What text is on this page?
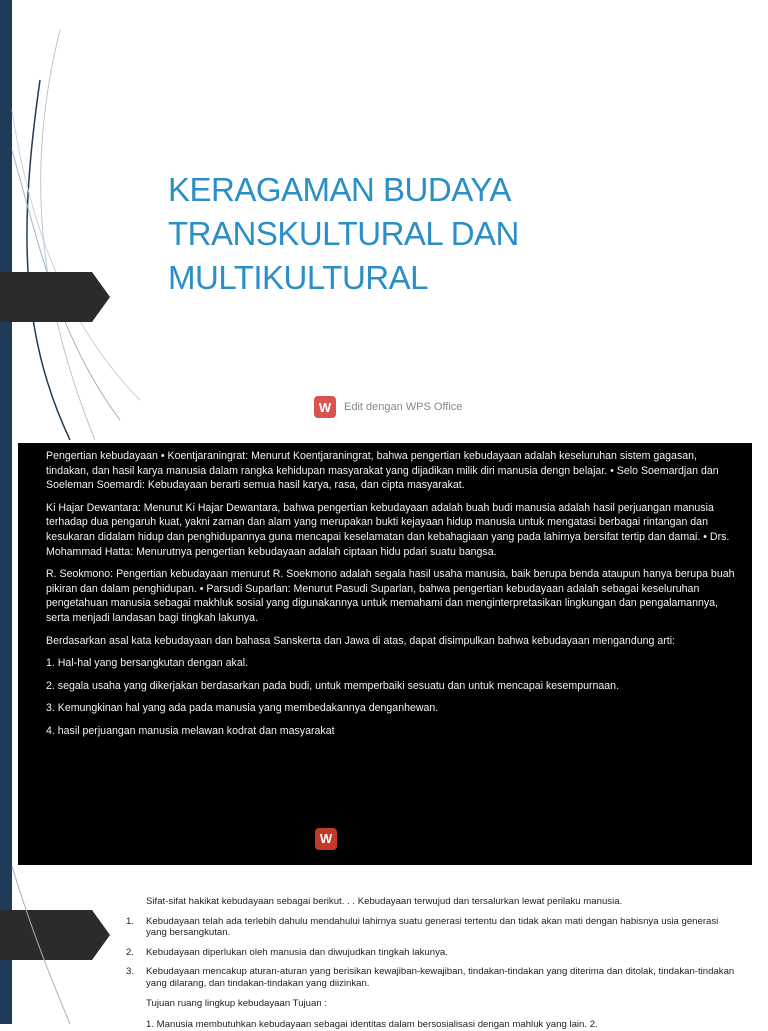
KERAGAMAN BUDAYA
TRANSKULTURAL DAN
MULTIKULTURAL
W	Edit dengan WPS Office

Pengertian kebudayaan • Koentjaraningrat: Menurut Koentjaraningrat, bahwa pengertian kebudayaan adalah keseluruhan sistem gagasan, tindakan, dan hasil karya manusia dalam rangka kehidupan masyarakat yang dijadikan milik diri manusia dengn belajar. • Selo Soemardjan dan Soeleman Soemardi: Kebudayaan berarti semua hasil karya, rasa, dan cipta masyarakat.

Ki Hajar Dewantara: Menurut Ki Hajar Dewantara, bahwa pengertian kebudayaan adalah buah budi manusia adalah hasil perjuangan manusia terhadap dua pengaruh kuat, yakni zaman dan alam yang merupakan bukti kejayaan hidup manusia untuk mengatasi berbagai rintangan dan kesukaran didalam hidup dan penghidupannya guna mencapai keselamatan dan kebahagiaan yang pada lahirnya bersifat tertip dan damai. • Drs. Mohammad Hatta: Menurutnya pengertian kebudayaan adalah ciptaan hidu pdari suatu bangsa.

R. Seokmono: Pengertian kebudayaan menurut R. Soekmono adalah segala hasil usaha manusia, baik berupa benda ataupun hanya berupa buah pikiran dan dalam penghidupan. • Parsudi Suparlan: Menurut Pasudi Suparlan, bahwa pengertian kebudayaan adalah sebagai keseluruhan pengetahuan manusia sebagai makhluk sosial yang digunakannya untuk memahami dan menginterpretasikan lingkungan dan pengalamannya, serta menjadi landasan bagi tingkah lakunya.

Berdasarkan asal kata kebudayaan dan bahasa Sanskerta dan Jawa di atas, dapat disimpulkan bahwa kebudayaan mengandung arti:

1. Hal-hal yang bersangkutan dengan akal.
2. segala usaha yang dikerjakan berdasarkan pada budi, untuk memperbaiki sesuatu dan untuk mencapai kesempurnaan.
3. Kemungkinan hal yang ada pada manusia yang membedakannya denganhewan.
4. hasil perjuangan manusia melawan kodrat dan masyarakat
W
Sifat-sifat hakikat kebudayaan sebagai berikut. . . Kebudayaan terwujud dan tersalurkan lewat perilaku manusia.
1.	Kebudayaan telah ada terlebih dahulu mendahului lahirnya suatu generasi tertentu dan tidak akan mati dengan habisnya usia generasi yang bersangkutan.
2.	Kebudayaan diperlukan oleh manusia dan diwujudkan tingkah lakunya.
3.	Kebudayaan mencakup aturan-aturan yang berisikan kewajiban-kewajiban, tindakan-tindakan yang diterima dan ditolak, tindakan-tindakan yang dilarang, dan tindakan-tindakan yang diizinkan.
Tujuan ruang lingkup kebudayaan Tujuan :
1. Manusia membutuhkan kebudayaan sebagai identitas dalam bersosialisasi dengan mahluk yang lain. 2.
